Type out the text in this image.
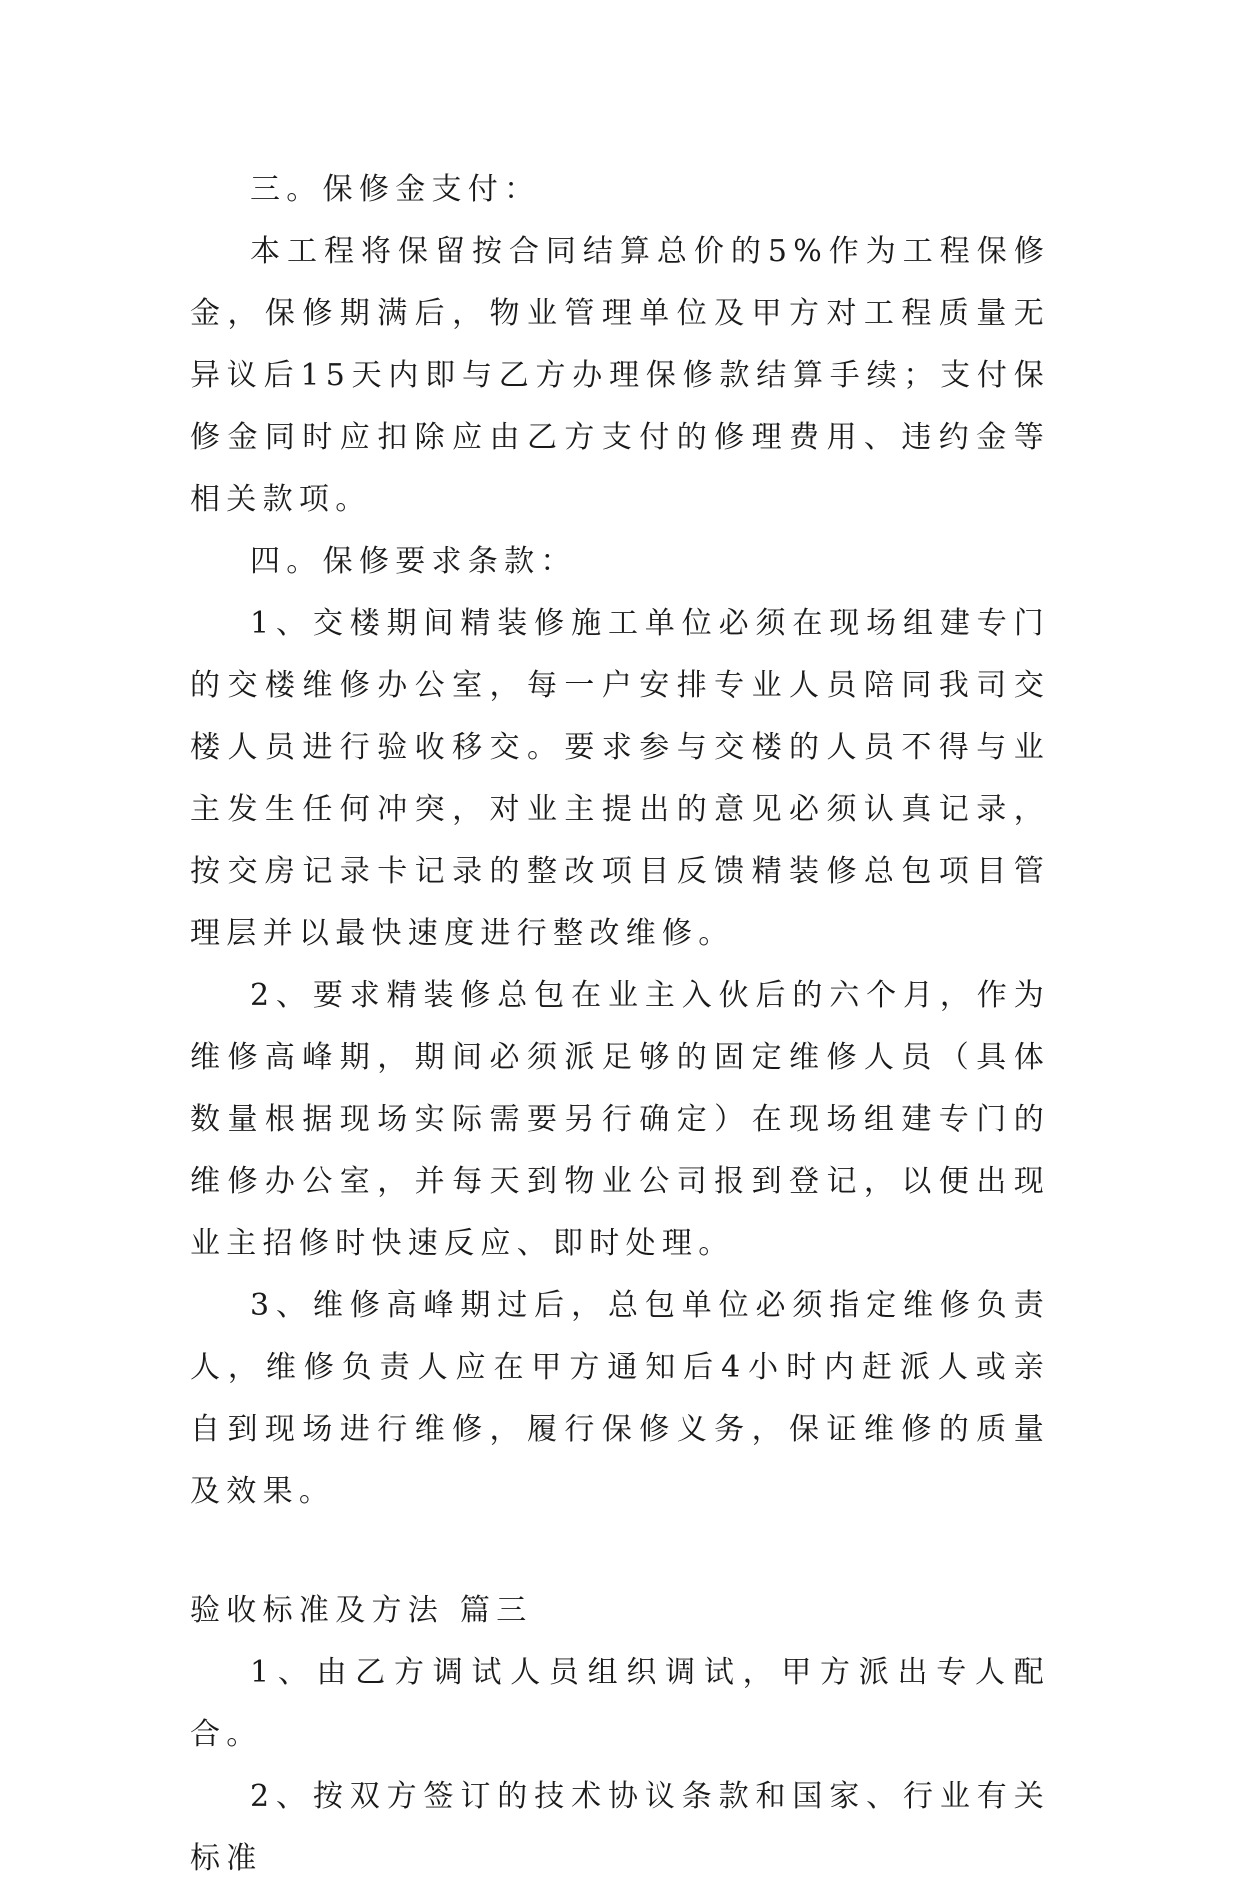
三。保修金支付：

本工程将保留按合同结算总价的5%作为工程保修金，保修期满后，物业管理单位及甲方对工程质量无异议后15天内即与乙方办理保修款结算手续；支付保修金同时应扣除应由乙方支付的修理费用、违约金等相关款项。

四。保修要求条款：

1、交楼期间精装修施工单位必须在现场组建专门的交楼维修办公室，每一户安排专业人员陪同我司交楼人员进行验收移交。要求参与交楼的人员不得与业主发生任何冲突，对业主提出的意见必须认真记录，按交房记录卡记录的整改项目反馈精装修总包项目管理层并以最快速度进行整改维修。

2、要求精装修总包在业主入伙后的六个月，作为维修高峰期，期间必须派足够的固定维修人员（具体数量根据现场实际需要另行确定）在现场组建专门的维修办公室，并每天到物业公司报到登记，以便出现业主招修时快速反应、即时处理。

3、维修高峰期过后，总包单位必须指定维修负责人，维修负责人应在甲方通知后4小时内赶派人或亲自到现场进行维修，履行保修义务，保证维修的质量及效果。

验收标准及方法 篇三

1、由乙方调试人员组织调试，甲方派出专人配合。

2、按双方签订的技术协议条款和国家、行业有关标准
